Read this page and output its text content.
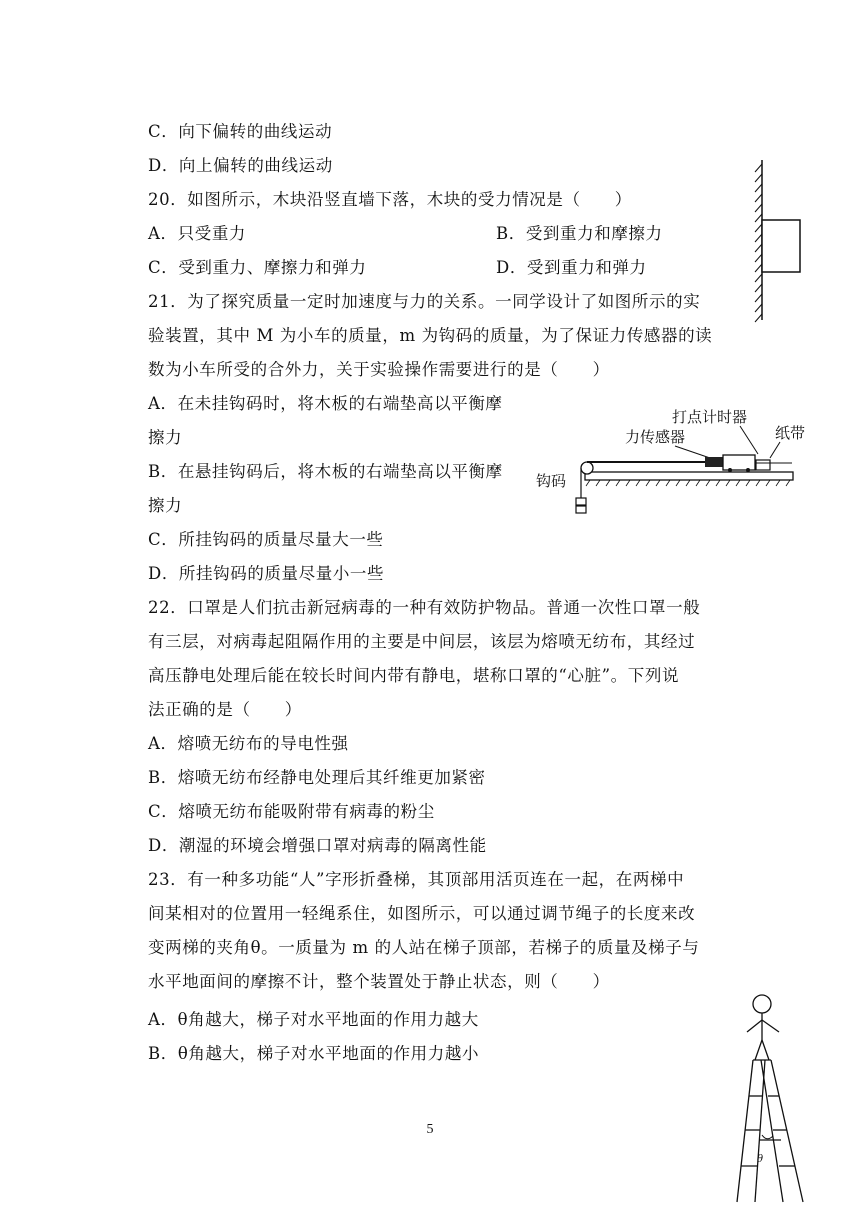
C．向下偏转的曲线运动
D．向上偏转的曲线运动
20．如图所示，木块沿竖直墙下落，木块的受力情况是（　　）
A．只受重力	B．受到重力和摩擦力
C．受到重力、摩擦力和弹力	D．受到重力和弹力
21．为了探究质量一定时加速度与力的关系。一同学设计了如图所示的实
验装置，其中 M 为小车的质量，m 为钩码的质量，为了保证力传感器的读
数为小车所受的合外力，关于实验操作需要进行的是（　　）
A．在未挂钩码时，将木板的右端垫高以平衡摩
擦力
B．在悬挂钩码后，将木板的右端垫高以平衡摩
擦力
C．所挂钩码的质量尽量大一些
D．所挂钩码的质量尽量小一些
22．口罩是人们抗击新冠病毒的一种有效防护物品。普通一次性口罩一般
有三层，对病毒起阻隔作用的主要是中间层，该层为熔喷无纺布，其经过
高压静电处理后能在较长时间内带有静电，堪称口罩的“心脏”。下列说
法正确的是（　　）
A．熔喷无纺布的导电性强
B．熔喷无纺布经静电处理后其纤维更加紧密
C．熔喷无纺布能吸附带有病毒的粉尘
D．潮湿的环境会增强口罩对病毒的隔离性能
23．有一种多功能“人”字形折叠梯，其顶部用活页连在一起，在两梯中
间某相对的位置用一轻绳系住，如图所示，可以通过调节绳子的长度来改
变两梯的夹角θ。一质量为 m 的人站在梯子顶部，若梯子的质量及梯子与
水平地面间的摩擦不计，整个装置处于静止状态，则（　　）
A．θ角越大，梯子对水平地面的作用力越大
B．θ角越大，梯子对水平地面的作用力越小
5
打点计时器
力传感器	纸带
钩码
θ
